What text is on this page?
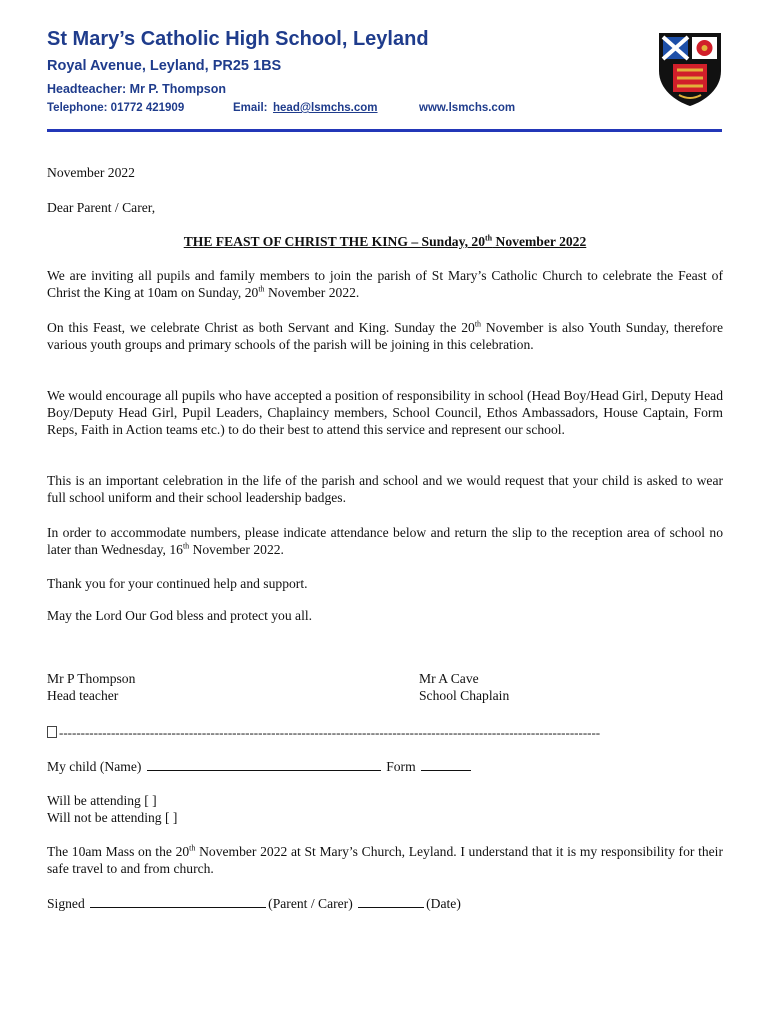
St Mary’s Catholic High School, Leyland
Royal Avenue, Leyland, PR25 1BS
Headteacher: Mr P. Thompson
Telephone: 01772 421909	Email: head@lsmchs.com	www.lsmchs.com
November 2022
Dear Parent / Carer,
THE FEAST OF CHRIST THE KING – Sunday, 20th November 2022
We are inviting all pupils and family members to join the parish of St Mary’s Catholic Church to celebrate the Feast of Christ the King at 10am on Sunday, 20th November 2022.
On this Feast, we celebrate Christ as both Servant and King. Sunday the 20th November is also Youth Sunday, therefore various youth groups and primary schools of the parish will be joining in this celebration.
We would encourage all pupils who have accepted a position of responsibility in school (Head Boy/Head Girl, Deputy Head Boy/Deputy Head Girl, Pupil Leaders, Chaplaincy members, School Council, Ethos Ambassadors, House Captain, Form Reps, Faith in Action teams etc.) to do their best to attend this service and represent our school.
This is an important celebration in the life of the parish and school and we would request that your child is asked to wear full school uniform and their school leadership badges.
In order to accommodate numbers, please indicate attendance below and return the slip to the reception area of school no later than Wednesday, 16th November 2022.
Thank you for your continued help and support.
May the Lord Our God bless and protect you all.
Mr P Thompson
Head teacher
Mr A Cave
School Chaplain
-----------------------------------------------------------------------------------------------------------------------------
My child (Name)	Form
Will be attending [ ]
Will not be attending [ ]
The 10am Mass on the 20th November 2022 at St Mary’s Church, Leyland. I understand that it is my responsibility for their safe travel to and from church.
Signed	(Parent / Carer)	(Date)
